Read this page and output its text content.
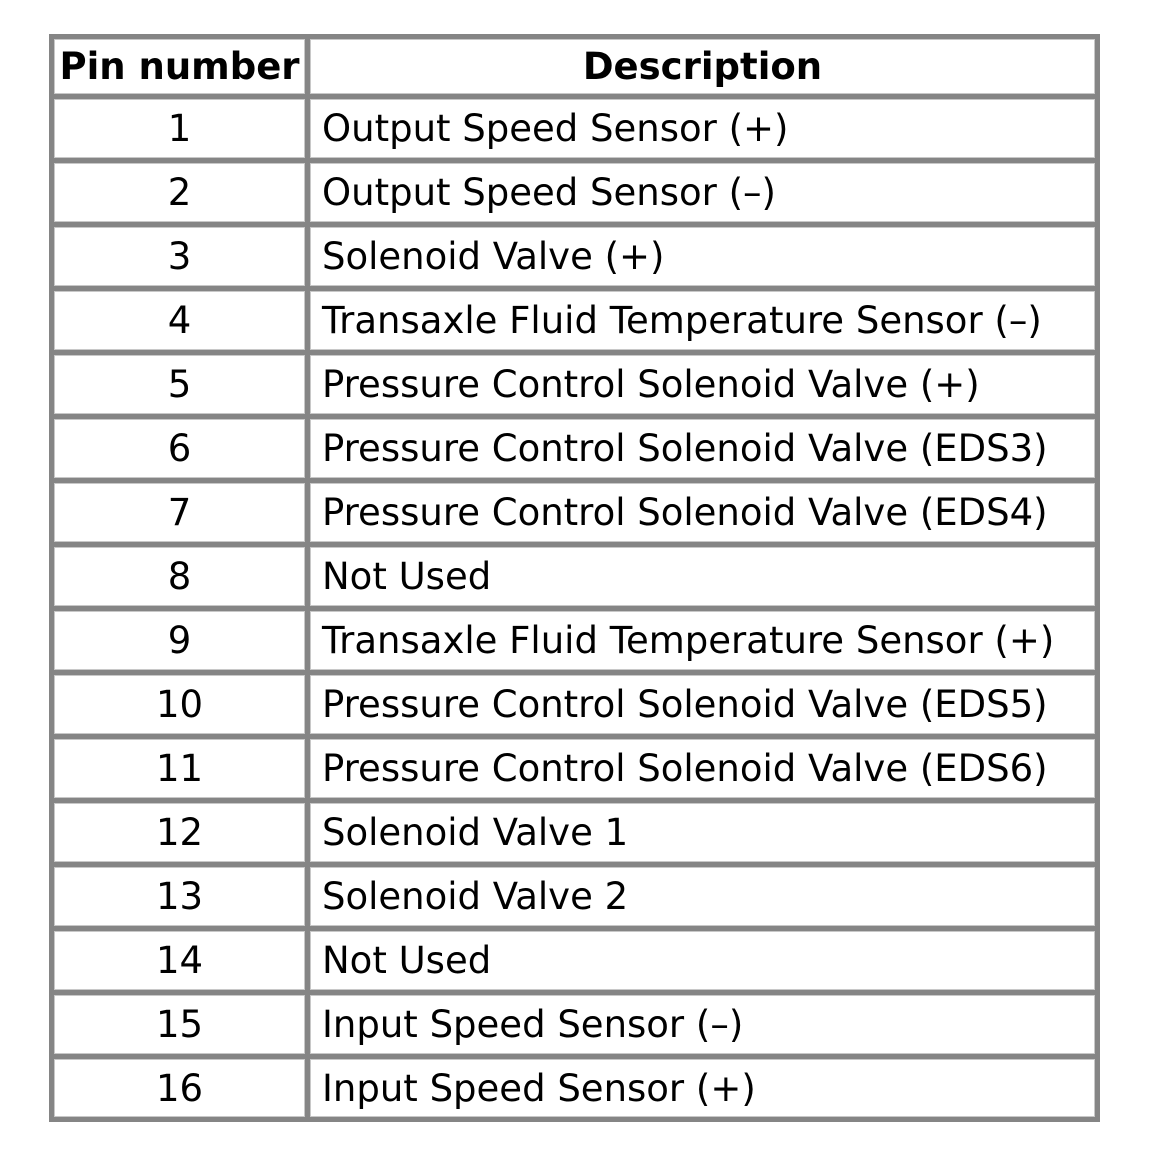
Pin number	Description
1	Output Speed Sensor (+)
2	Output Speed Sensor (–)
3	Solenoid Valve (+)
4	Transaxle Fluid Temperature Sensor (–)
5	Pressure Control Solenoid Valve (+)
6	Pressure Control Solenoid Valve (EDS3)
7	Pressure Control Solenoid Valve (EDS4)
8	Not Used
9	Transaxle Fluid Temperature Sensor (+)
10	Pressure Control Solenoid Valve (EDS5)
11	Pressure Control Solenoid Valve (EDS6)
12	Solenoid Valve 1
13	Solenoid Valve 2
14	Not Used
15	Input Speed Sensor (–)
16	Input Speed Sensor (+)
